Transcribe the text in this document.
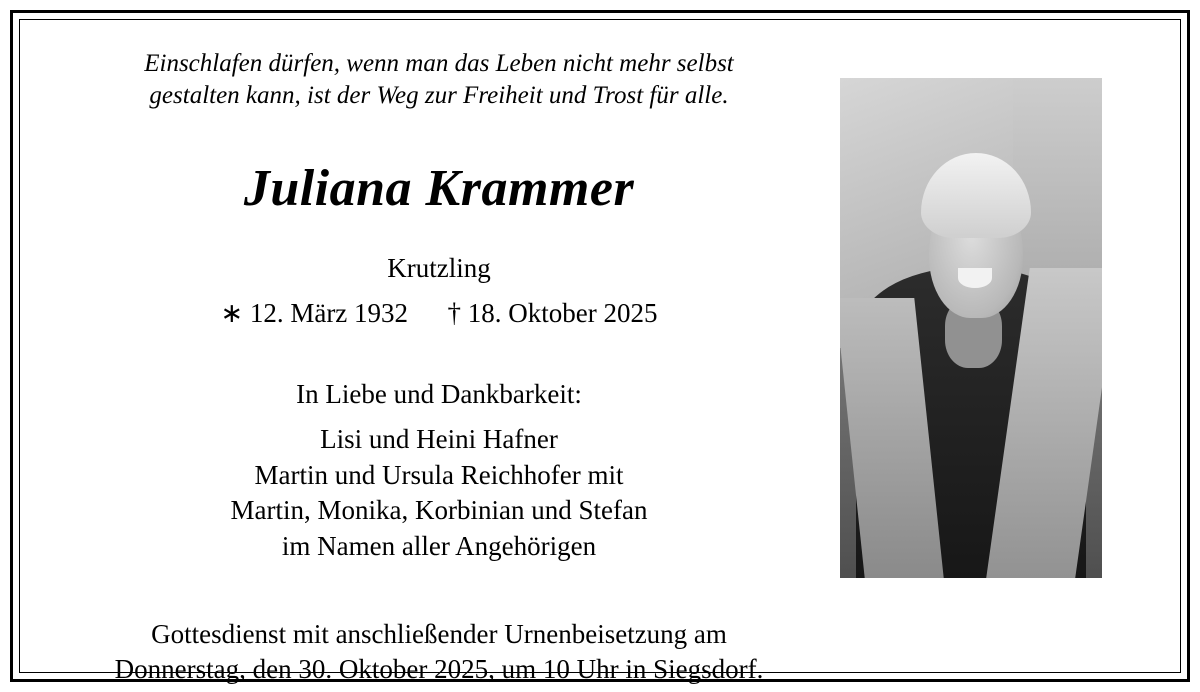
Einschlafen dürfen, wenn man das Leben nicht mehr selbst
gestalten kann, ist der Weg zur Freiheit und Trost für alle.
Juliana Krammer
Krutzling
∗ 12. März 1932 † 18. Oktober 2025
In Liebe und Dankbarkeit:
Lisi und Heini Hafner
Martin und Ursula Reichhofer mit
Martin, Monika, Korbinian und Stefan
im Namen aller Angehörigen
Gottesdienst mit anschließender Urnenbeisetzung am
Donnerstag, den 30. Oktober 2025, um 10 Uhr in Siegsdorf.
